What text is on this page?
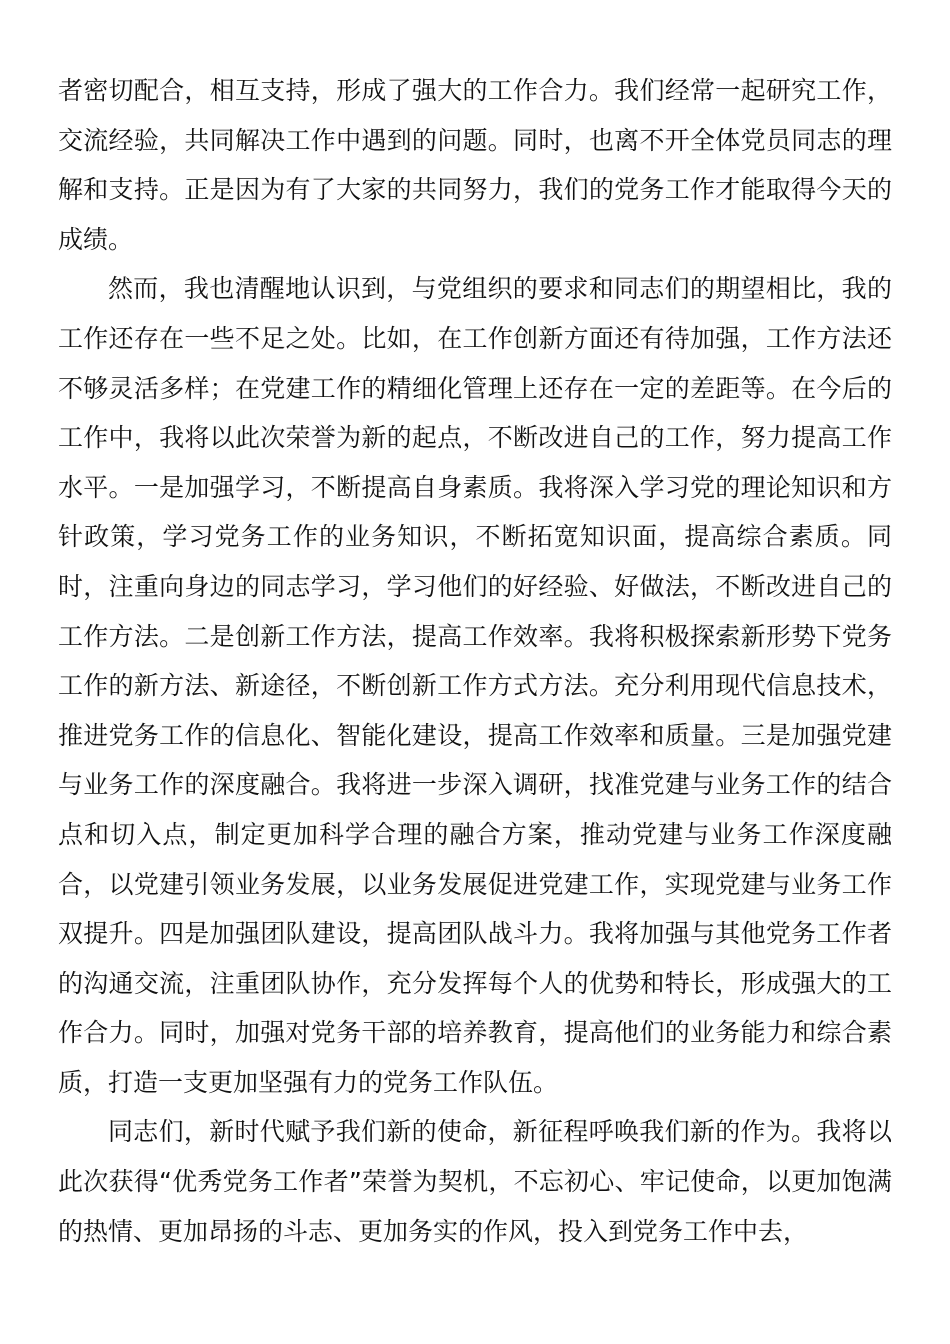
者密切配合，相互支持，形成了强大的工作合力。我们经常一起研究工作，交流经验，共同解决工作中遇到的问题。同时，也离不开全体党员同志的理解和支持。正是因为有了大家的共同努力，我们的党务工作才能取得今天的成绩。

然而，我也清醒地认识到，与党组织的要求和同志们的期望相比，我的工作还存在一些不足之处。比如，在工作创新方面还有待加强，工作方法还不够灵活多样；在党建工作的精细化管理上还存在一定的差距等。在今后的工作中，我将以此次荣誉为新的起点，不断改进自己的工作，努力提高工作水平。一是加强学习，不断提高自身素质。我将深入学习党的理论知识和方针政策，学习党务工作的业务知识，不断拓宽知识面，提高综合素质。同时，注重向身边的同志学习，学习他们的好经验、好做法，不断改进自己的工作方法。二是创新工作方法，提高工作效率。我将积极探索新形势下党务工作的新方法、新途径，不断创新工作方式方法。充分利用现代信息技术，推进党务工作的信息化、智能化建设，提高工作效率和质量。三是加强党建与业务工作的深度融合。我将进一步深入调研，找准党建与业务工作的结合点和切入点，制定更加科学合理的融合方案，推动党建与业务工作深度融合，以党建引领业务发展，以业务发展促进党建工作，实现党建与业务工作双提升。四是加强团队建设，提高团队战斗力。我将加强与其他党务工作者的沟通交流，注重团队协作，充分发挥每个人的优势和特长，形成强大的工作合力。同时，加强对党务干部的培养教育，提高他们的业务能力和综合素质，打造一支更加坚强有力的党务工作队伍。

同志们，新时代赋予我们新的使命，新征程呼唤我们新的作为。我将以此次获得“优秀党务工作者”荣誉为契机，不忘初心、牢记使命，以更加饱满的热情、更加昂扬的斗志、更加务实的作风，投入到党务工作中去，
